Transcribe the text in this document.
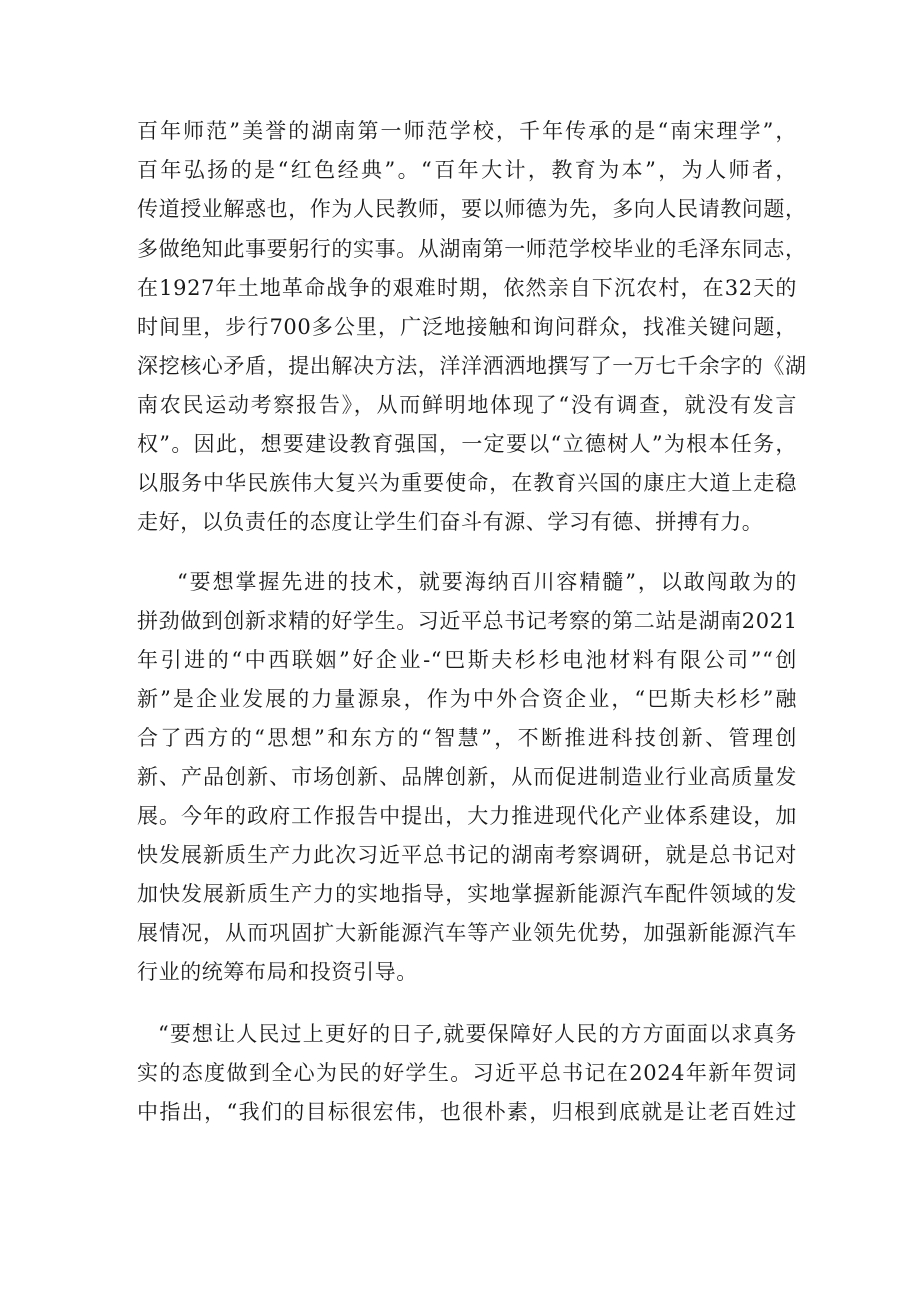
百年师范”美誉的湖南第一师范学校，千年传承的是“南宋理学”，
百年弘扬的是“红色经典”。“百年大计，教育为本”，为人师者，
传道授业解惑也，作为人民教师，要以师德为先，多向人民请教问题，
多做绝知此事要躬行的实事。从湖南第一师范学校毕业的毛泽东同志，
在1927年土地革命战争的艰难时期，依然亲自下沉农村，在32天的
时间里，步行700多公里，广泛地接触和询问群众，找准关键问题，
深挖核心矛盾，提出解决方法，洋洋洒洒地撰写了一万七千余字的《湖
南农民运动考察报告》，从而鲜明地体现了“没有调查，就没有发言
权”。因此，想要建设教育强国，一定要以“立德树人”为根本任务，
以服务中华民族伟大复兴为重要使命，在教育兴国的康庄大道上走稳
走好，以负责任的态度让学生们奋斗有源、学习有德、拼搏有力。
“要想掌握先进的技术，就要海纳百川容精髓”，以敢闯敢为的
拼劲做到创新求精的好学生。习近平总书记考察的第二站是湖南2021
年引进的“中西联姻”好企业-“巴斯夫杉杉电池材料有限公司”“创
新”是企业发展的力量源泉，作为中外合资企业，“巴斯夫杉杉”融
合了西方的“思想”和东方的“智慧”，不断推进科技创新、管理创
新、产品创新、市场创新、品牌创新，从而促进制造业行业高质量发
展。今年的政府工作报告中提出，大力推进现代化产业体系建设，加
快发展新质生产力此次习近平总书记的湖南考察调研，就是总书记对
加快发展新质生产力的实地指导，实地掌握新能源汽车配件领域的发
展情况，从而巩固扩大新能源汽车等产业领先优势，加强新能源汽车
行业的统筹布局和投资引导。
“要想让人民过上更好的日子,就要保障好人民的方方面面以求真务
实的态度做到全心为民的好学生。习近平总书记在2024年新年贺词
中指出，“我们的目标很宏伟，也很朴素，归根到底就是让老百姓过
